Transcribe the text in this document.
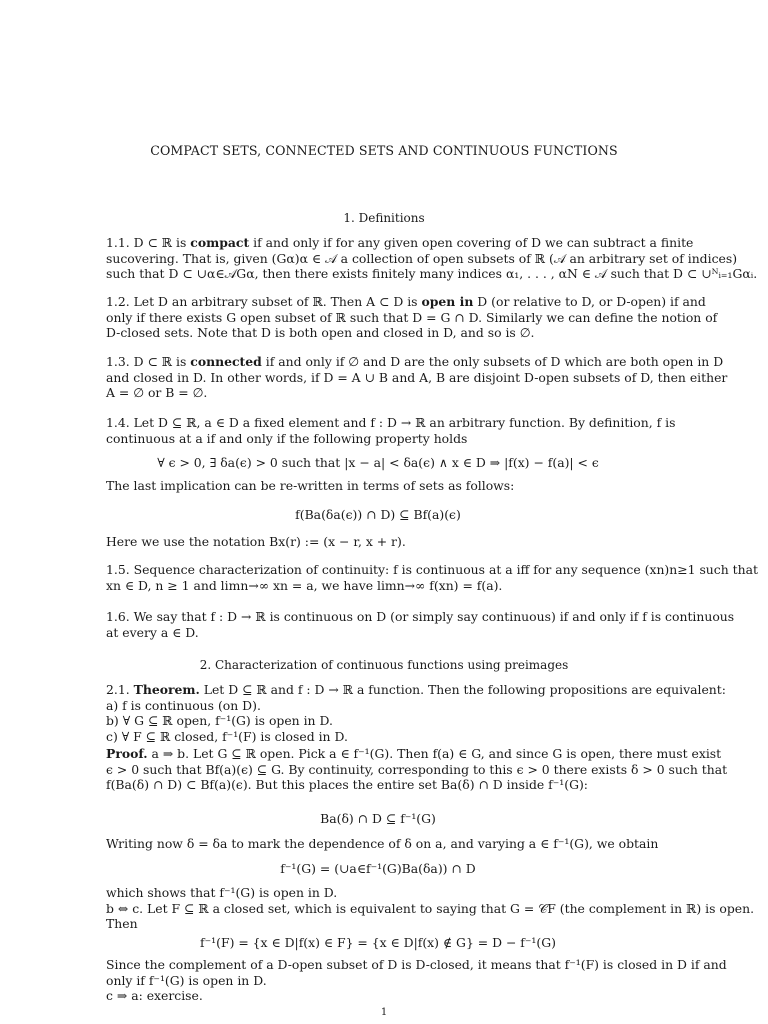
COMPACT SETS, CONNECTED SETS AND CONTINUOUS FUNCTIONS
1. Definitions
1.1. D ⊂ ℝ is compact if and only if for any given open covering of D we can subtract a finite
sucovering. That is, given (Gα)α ∈ 𝒜 a collection of open subsets of ℝ (𝒜 an arbitrary set of indices)
such that D ⊂ ∪α∈𝒜Gα, then there exists finitely many indices α₁, . . . , αN ∈ 𝒜 such that D ⊂ ∪ᴺᵢ₌₁Gαᵢ.
1.2. Let D an arbitrary subset of ℝ. Then A ⊂ D is open in D (or relative to D, or D-open) if and
only if there exists G open subset of ℝ such that D = G ∩ D. Similarly we can define the notion of
D-closed sets. Note that D is both open and closed in D, and so is ∅.
1.3. D ⊂ ℝ is connected if and only if ∅ and D are the only subsets of D which are both open in D
and closed in D. In other words, if D = A ∪ B and A, B are disjoint D-open subsets of D, then either
A = ∅ or B = ∅.
1.4. Let D ⊆ ℝ, a ∈ D a fixed element and f : D → ℝ an arbitrary function. By definition, f is
continuous at a if and only if the following property holds
∀ ϵ > 0, ∃ δa(ϵ) > 0 such that |x − a| < δa(ϵ) ∧ x ∈ D ⇒ |f(x) − f(a)| < ϵ
The last implication can be re-written in terms of sets as follows:
f(Ba(δa(ϵ)) ∩ D) ⊆ Bf(a)(ϵ)
Here we use the notation Bx(r) := (x − r, x + r).
1.5. Sequence characterization of continuity: f is continuous at a iff for any sequence (xn)n≥1 such that
xn ∈ D, n ≥ 1 and limn→∞ xn = a, we have limn→∞ f(xn) = f(a).
1.6. We say that f : D → ℝ is continuous on D (or simply say continuous) if and only if f is continuous
at every a ∈ D.
2. Characterization of continuous functions using preimages
2.1. Theorem. Let D ⊆ ℝ and f : D → ℝ a function. Then the following propositions are equivalent:
a) f is continuous (on D).
b) ∀ G ⊆ ℝ open, f⁻¹(G) is open in D.
c) ∀ F ⊆ ℝ closed, f⁻¹(F) is closed in D.
Proof. a ⇒ b. Let G ⊆ ℝ open. Pick a ∈ f⁻¹(G). Then f(a) ∈ G, and since G is open, there must exist
ϵ > 0 such that Bf(a)(ϵ) ⊆ G. By continuity, corresponding to this ϵ > 0 there exists δ > 0 such that
f(Ba(δ) ∩ D) ⊂ Bf(a)(ϵ). But this places the entire set Ba(δ) ∩ D inside f⁻¹(G):
Ba(δ) ∩ D ⊆ f⁻¹(G)
Writing now δ = δa to mark the dependence of δ on a, and varying a ∈ f⁻¹(G), we obtain
f⁻¹(G) = (∪a∈f⁻¹(G)Ba(δa)) ∩ D
which shows that f⁻¹(G) is open in D.
b ⇔ c. Let F ⊆ ℝ a closed set, which is equivalent to saying that G = 𝒞F (the complement in ℝ) is open.
Then
f⁻¹(F) = {x ∈ D|f(x) ∈ F} = {x ∈ D|f(x) ∉ G} = D − f⁻¹(G)
Since the complement of a D-open subset of D is D-closed, it means that f⁻¹(F) is closed in D if and
only if f⁻¹(G) is open in D.
c ⇒ a: exercise.
1
